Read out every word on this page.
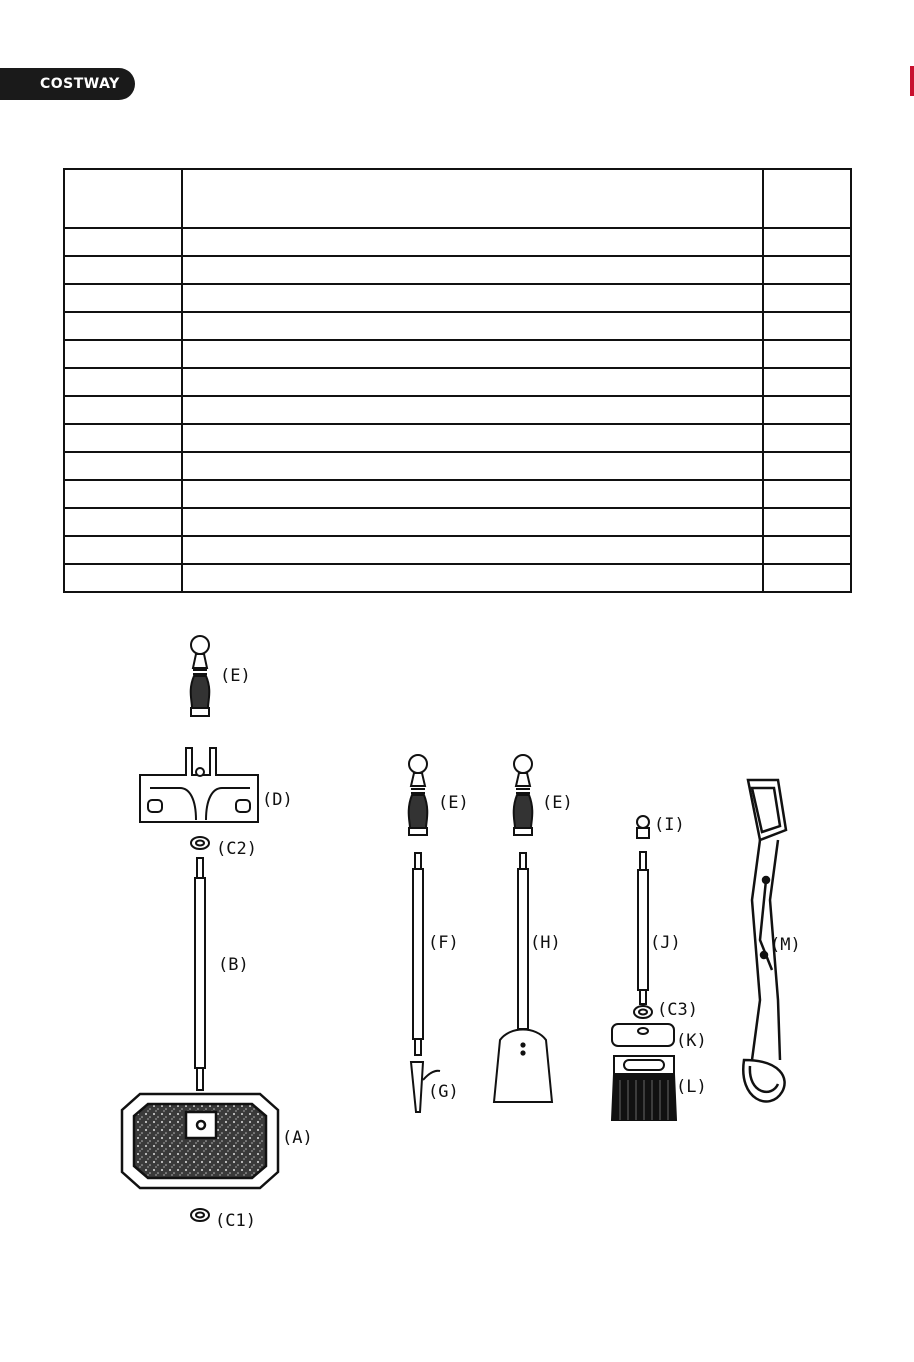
COSTWAY

(E)
(D)
(C2)
(B)
(A)
(C1)
(E)
(F)
(G)
(E)
(H)
(I)
(J)
(C3)
(K)
(L)
(M)
